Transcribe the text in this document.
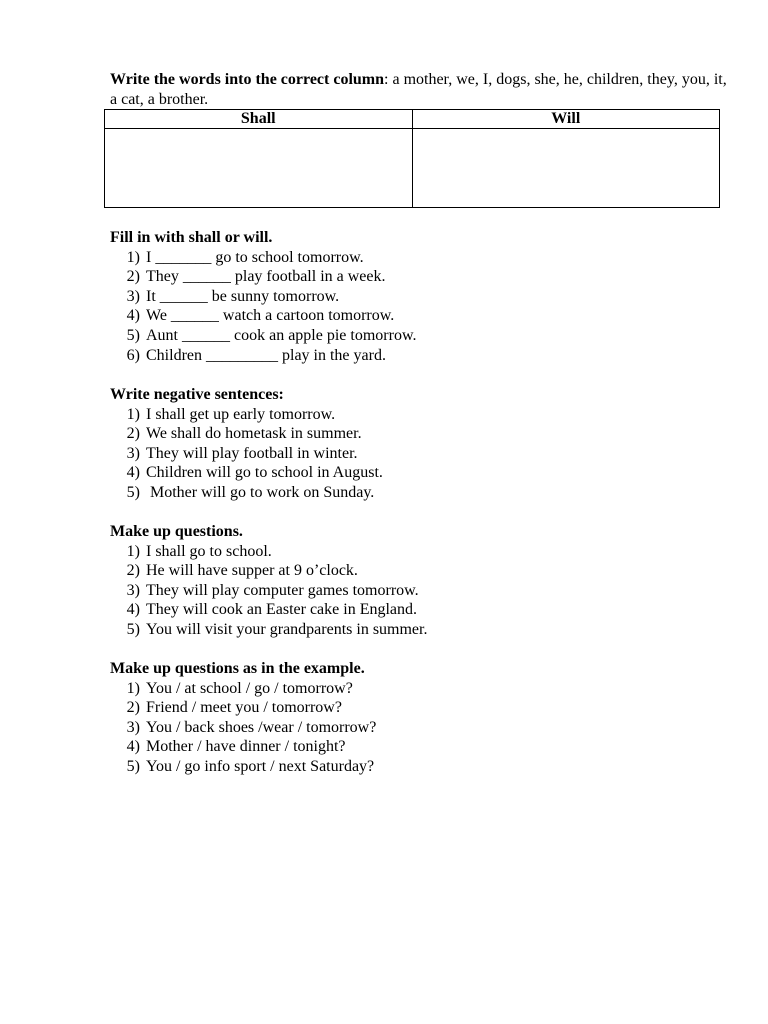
Write the words into the correct column: a mother, we, I, dogs, she, he, children, they, you, it, a cat, a brother.
Shall	Will

Fill in with shall or will.
1) I _______ go to school tomorrow.
2) They ______ play football in a week.
3) It ______ be sunny tomorrow.
4) We ______ watch a cartoon tomorrow.
5) Aunt ______ cook an apple pie tomorrow.
6) Children _________ play in the yard.
Write negative sentences:
1) I shall get up early tomorrow.
2) We shall do hometask in summer.
3) They will play football in winter.
4) Children will go to school in August.
5) Mother will go to work on Sunday.
Make up questions.
1) I shall go to school.
2) He will have supper at 9 o’clock.
3) They will play computer games tomorrow.
4) They will cook an Easter cake in England.
5) You will visit your grandparents in summer.
Make up questions as in the example.
1) You / at school / go / tomorrow?
2) Friend / meet you / tomorrow?
3) You / back shoes /wear / tomorrow?
4) Mother / have dinner / tonight?
5) You / go info sport / next Saturday?
